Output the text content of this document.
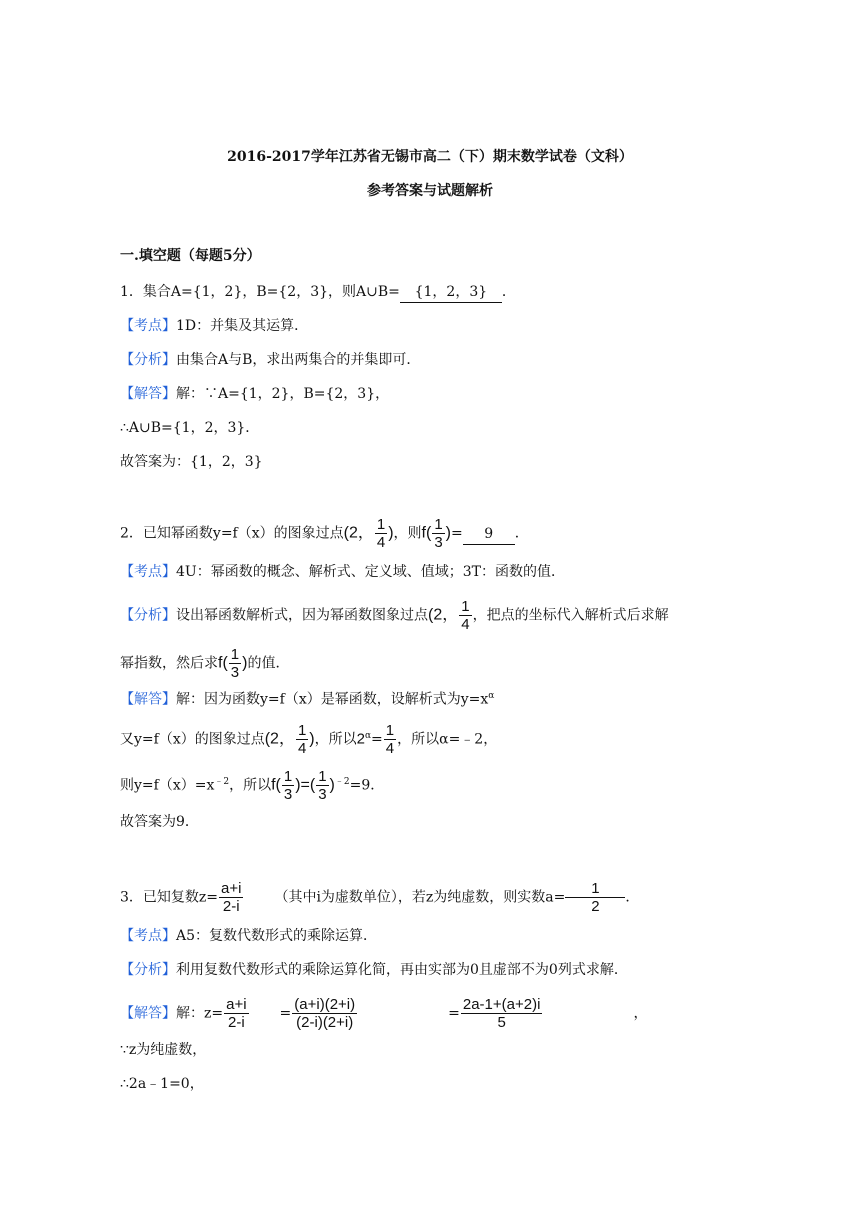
2016-2017学年江苏省无锡市高二（下）期末数学试卷（文科）
参考答案与试题解析
一.填空题（每题5分）
1．集合A={1，2}，B={2，3}，则A∪B= {1，2，3} ．
【考点】1D：并集及其运算．
【分析】由集合A与B，求出两集合的并集即可．
【解答】解：∵A={1，2}，B={2，3}，
∴A∪B={1，2，3}．
故答案为：{1，2，3}
2．已知幂函数y=f（x）的图象过点(2， $\frac{1}{4}$ )，则$f( \frac{1}{3}$ )= 9 ．
【考点】4U：幂函数的概念、解析式、定义域、值域；3T：函数的值．
【分析】设出幂函数解析式，因为幂函数图象过点(2， $\frac{1}{4}$ ，把点的坐标代入解析式后求解
幂指数，然后求$f( \frac{1}{3}$ )的值．
【解答】解：因为函数y=f（x）是幂函数，设解析式为$y=x^\alpha$
又y=f（x）的图象过点(2， $\frac{1}{4}$ )，所以$2^\alpha= \frac{1}{4}$ ，所以α=﹣2，
则$y=f(x)=x^{﹣2}$，所以$f( \frac{1}{3}$ )=( $\frac{1}{3} )^{﹣2}=9$．
故答案为9．
3．已知复数$z= \frac{a+i}{2-i}$ （其中i为虚数单位），若z为纯虚数，则实数$a= \frac{1}{2}$ ．
【考点】A5：复数代数形式的乘除运算．
【分析】利用复数代数形式的乘除运算化简，再由实部为0且虚部不为0列式求解．
【解答】解：$z= \frac{a+i}{2-i} = \frac{(a+i)(2+i)}{(2-i)(2+i)}$	= $\frac{2a-1+(a+2)i}{5}$	，
∵z为纯虚数，
∴2a﹣1=0，
